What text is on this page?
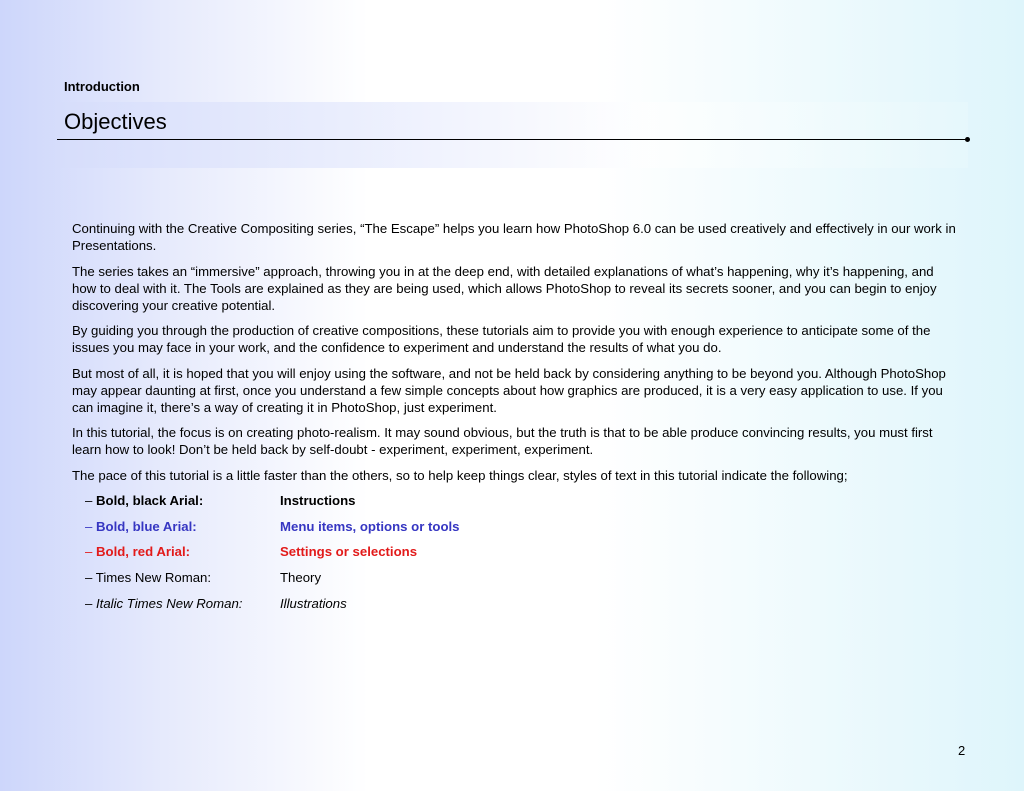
Introduction
Objectives

Continuing with the Creative Compositing series, “The Escape” helps you learn how PhotoShop 6.0 can be used creatively and effectively in our work in Presentations.

The series takes an “immersive” approach, throwing you in at the deep end, with detailed explanations of what’s happening, why it’s happening, and how to deal with it. The Tools are explained as they are being used, which allows PhotoShop to reveal its secrets sooner, and you can begin to enjoy discovering your creative potential.

By guiding you through the production of creative compositions, these tutorials aim to provide you with enough experience to anticipate some of the issues you may face in your work, and the confidence to experiment and understand the results of what you do.

But most of all, it is hoped that you will enjoy using the software, and not be held back by considering anything to be beyond you. Although PhotoShop may appear daunting at first, once you understand a few simple concepts about how graphics are produced, it is a very easy application to use. If you can imagine it, there’s a way of creating it in PhotoShop, just experiment.

In this tutorial, the focus is on creating photo-realism. It may sound obvious, but the truth is that to be able produce convincing results, you must first learn how to look! Don’t be held back by self-doubt - experiment, experiment, experiment.

The pace of this tutorial is a little faster than the others, so to help keep things clear, styles of text in this tutorial indicate the following;

– Bold, black Arial:	Instructions
– Bold, blue Arial:	Menu items, options or tools
– Bold, red Arial:	Settings or selections
– Times New Roman:	Theory
– Italic Times New Roman:	Illustrations
2
